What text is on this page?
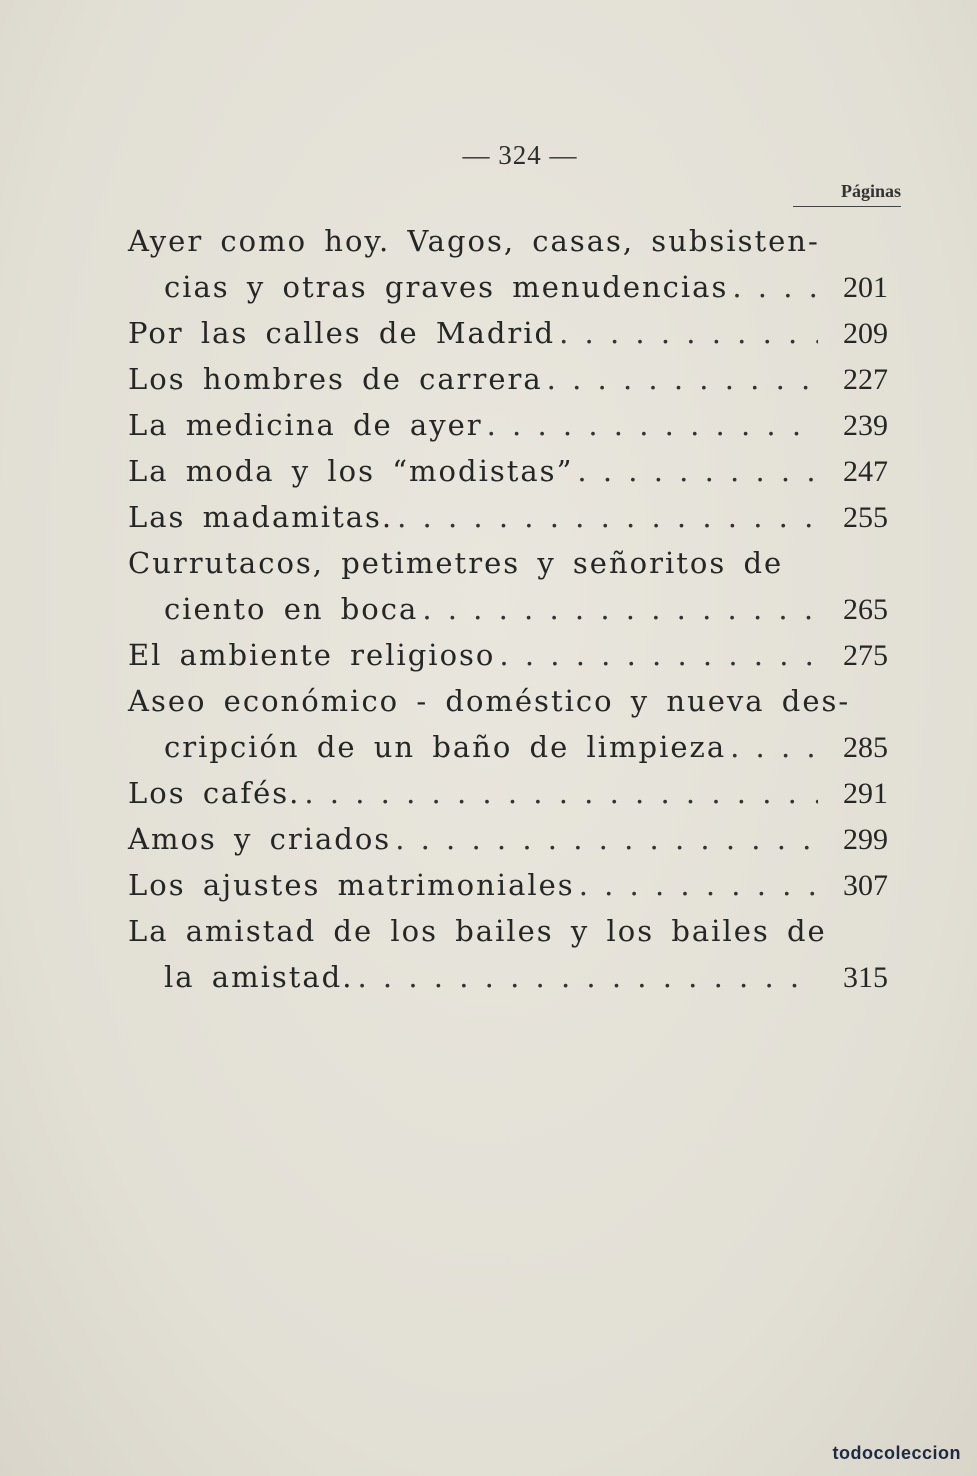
— 324 —
Páginas
Ayer como hoy. Vagos, casas, subsisten-
cias y otras graves menudencias . . .	201
Por las calles de Madrid . . .	209
Los hombres de carrera . . .	227
La medicina de ayer . . .	239
La moda y los “modistas” . . .	247
Las madamitas. . . .	255
Currutacos, petimetres y señoritos de
ciento en boca . . .	265
El ambiente religioso . . .	275
Aseo económico - doméstico y nueva des-
cripción de un baño de limpieza . . .	285
Los cafés. . . .	291
Amos y criados . . .	299
Los ajustes matrimoniales . . .	307
La amistad de los bailes y los bailes de
la amistad. . . .	315
todocoleccion
